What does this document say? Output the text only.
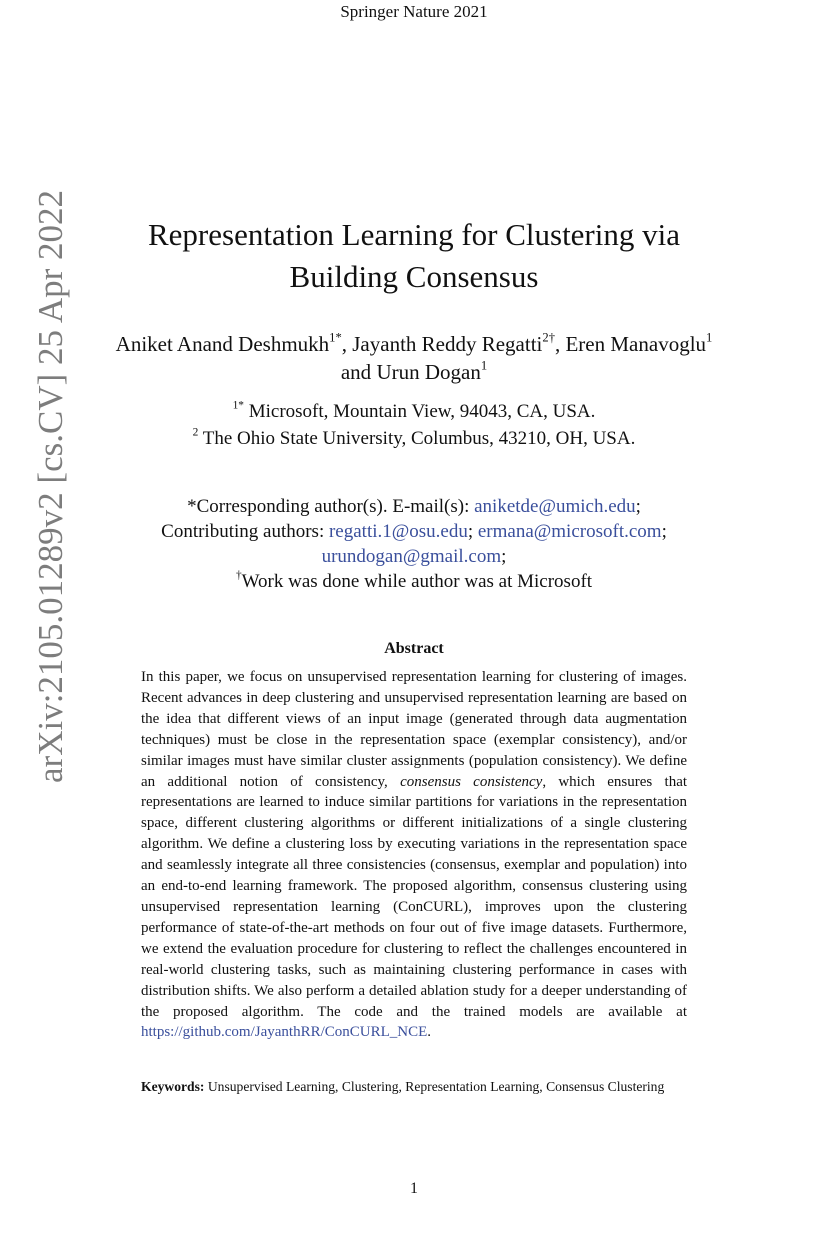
Springer Nature 2021
arXiv:2105.01289v2 [cs.CV] 25 Apr 2022	Representation Learning for Clustering via
Building Consensus
Aniket Anand Deshmukh$^{1*}$, Jayanth Reddy Regatti$^{2\dagger}$, Eren Manavoglu$^1$ and Urun Dogan$^1$
$^{1*}$ Microsoft, Mountain View, 94043, CA, USA.
$^2$ The Ohio State University, Columbus, 43210, OH, USA.
*Corresponding author(s). E-mail(s): aniketde@umich.edu;
Contributing authors: regatti.1@osu.edu; ermana@microsoft.com;
urundogan@gmail.com;
†Work was done while author was at Microsoft
Abstract
In this paper, we focus on unsupervised representation learning for clustering of images. Recent advances in deep clustering and unsupervised representation learning are based on the idea that different views of an input image (generated through data augmentation techniques) must be close in the representation space (exemplar consistency), and/or similar images must have similar cluster assignments (population consistency). We define an additional notion of consistency, consensus consistency, which ensures that representations are learned to induce similar partitions for variations in the representation space, different clustering algorithms or different initializations of a single clustering algorithm. We define a clustering loss by executing variations in the representation space and seamlessly integrate all three consistencies (consensus, exemplar and population) into an end-to-end learning framework. The proposed algorithm, consensus clustering using unsupervised representation learning (ConCURL), improves upon the clustering performance of state-of-the-art methods on four out of five image datasets. Furthermore, we extend the evaluation procedure for clustering to reflect the challenges encountered in real-world clustering tasks, such as maintaining clustering performance in cases with distribution shifts. We also perform a detailed ablation study for a deeper understanding of the proposed algorithm. The code and the trained models are available at https://github.com/JayanthRR/ConCURL_NCE.
Keywords: Unsupervised Learning, Clustering, Representation Learning, Consensus Clustering
1
